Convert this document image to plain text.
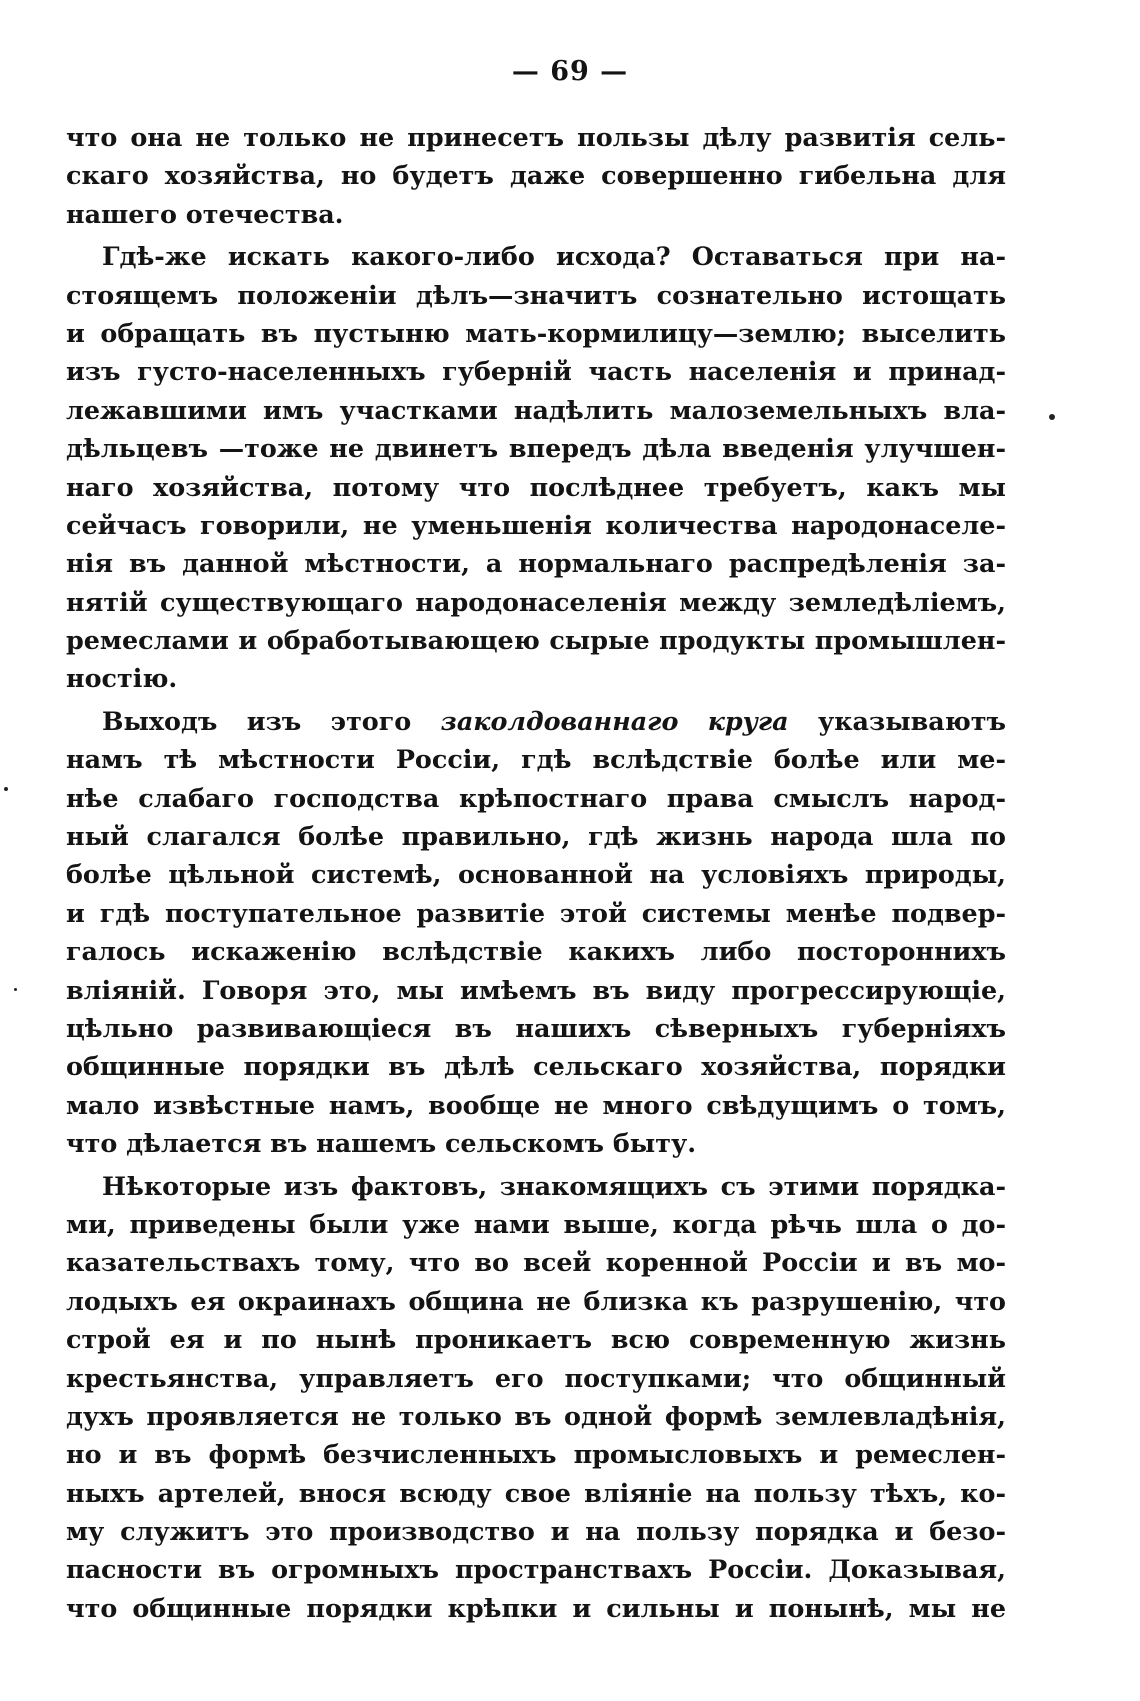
— 69 —
что она не только не принесетъ пользы дѣлу развитія сель-
скаго хозяйства, но будетъ даже совершенно гибельна для
нашего отечества.
Гдѣ-же искать какого-либо исхода? Оставаться при на-
стоящемъ положеніи дѣлъ—значитъ сознательно истощать
и обращать въ пустыню мать-кормилицу—землю; выселить
изъ густо-населенныхъ губерній часть населенія и принад-
лежавшими имъ участками надѣлить малоземельныхъ вла-
дѣльцевъ —тоже не двинетъ впередъ дѣла введенія улучшен-
наго хозяйства, потому что послѣднее требуетъ, какъ мы
сейчасъ говорили, не уменьшенія количества народонаселе-
нія въ данной мѣстности, а нормальнаго распредѣленія за-
нятій существующаго народонаселенія между земледѣліемъ,
ремеслами и обработывающею сырые продукты промышлен-
ностію.
Выходъ изъ этого заколдованнаго круга указываютъ
намъ тѣ мѣстности Россіи, гдѣ вслѣдствіе болѣе или ме-
нѣе слабаго господства крѣпостнаго права смыслъ народ-
ный слагался болѣе правильно, гдѣ жизнь народа шла по
болѣе цѣльной системѣ, основанной на условіяхъ природы,
и гдѣ поступательное развитіе этой системы менѣе подвер-
галось искаженію вслѣдствіе какихъ либо постороннихъ
вліяній. Говоря это, мы имѣемъ въ виду прогрессирующіе,
цѣльно развивающіеся въ нашихъ сѣверныхъ губерніяхъ
общинные порядки въ дѣлѣ сельскаго хозяйства, порядки
мало извѣстные намъ, вообще не много свѣдущимъ о томъ,
что дѣлается въ нашемъ сельскомъ быту.
Нѣкоторые изъ фактовъ, знакомящихъ съ этими порядка-
ми, приведены были уже нами выше, когда рѣчь шла о до-
казательствахъ тому, что во всей коренной Россіи и въ мо-
лодыхъ ея окраинахъ община не близка къ разрушенію, что
строй ея и по нынѣ проникаетъ всю современную жизнь
крестьянства, управляетъ его поступками; что общинный
духъ проявляется не только въ одной формѣ землевладѣнія,
но и въ формѣ безчисленныхъ промысловыхъ и ремеслен-
ныхъ артелей, внося всюду свое вліяніе на пользу тѣхъ, ко-
му служитъ это производство и на пользу порядка и безо-
пасности въ огромныхъ пространствахъ Россіи. Доказывая,
что общинные порядки крѣпки и сильны и понынѣ, мы не
